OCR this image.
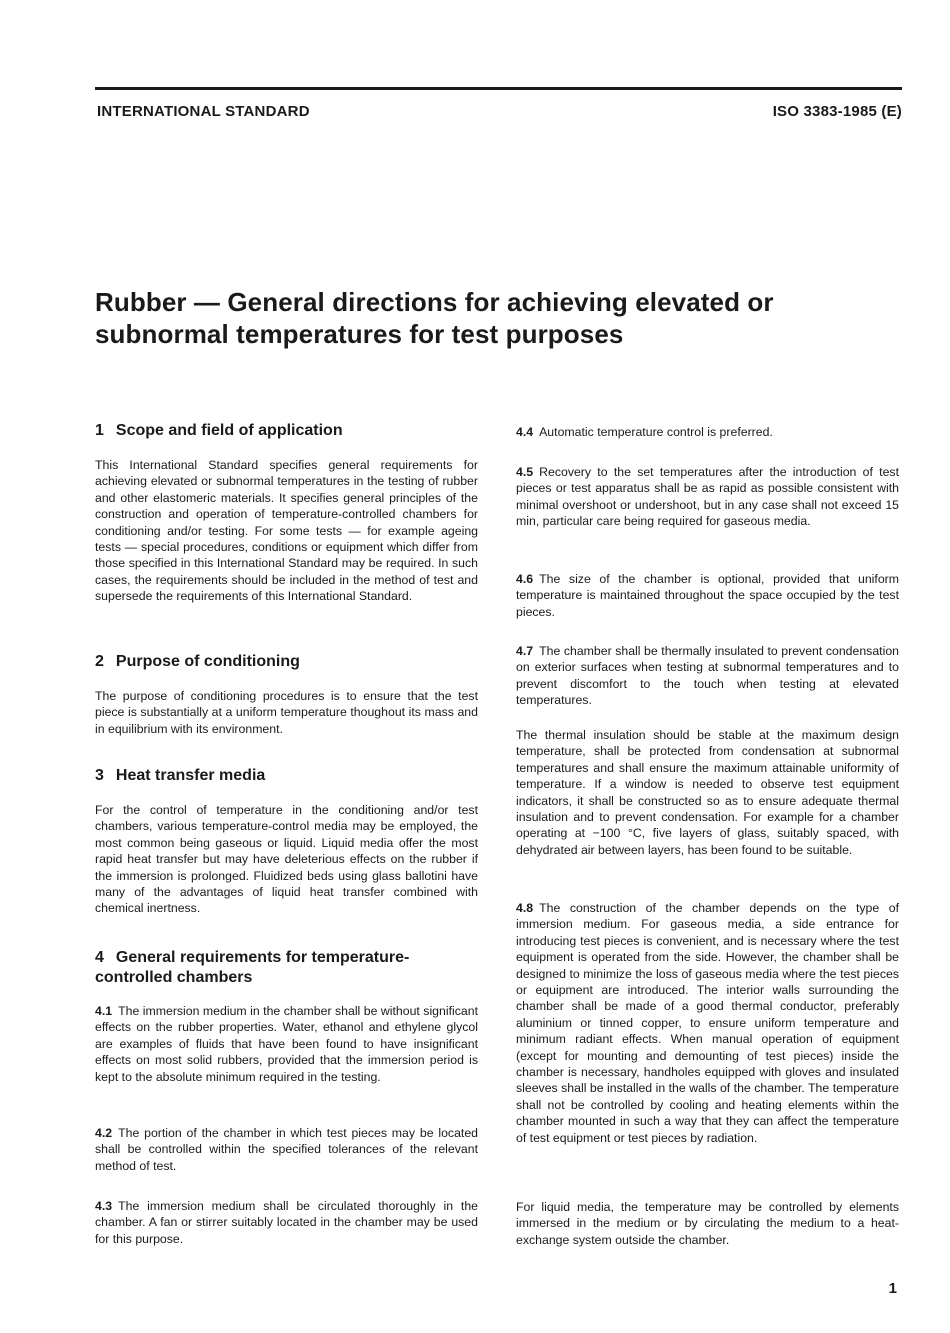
INTERNATIONAL STANDARD	ISO 3383-1985 (E)
Rubber — General directions for achieving elevated or subnormal temperatures for test purposes
1 Scope and field of application

This International Standard specifies general requirements for achieving elevated or subnormal temperatures in the testing of rubber and other elastomeric materials. It specifies general principles of the construction and operation of temperature-controlled chambers for conditioning and/or testing. For some tests — for example ageing tests — special procedures, conditions or equipment which differ from those specified in this International Standard may be required. In such cases, the requirements should be included in the method of test and supersede the requirements of this International Standard.

2 Purpose of conditioning

The purpose of conditioning procedures is to ensure that the test piece is substantially at a uniform temperature thoughout its mass and in equilibrium with its environment.

3 Heat transfer media

For the control of temperature in the conditioning and/or test chambers, various temperature-control media may be employed, the most common being gaseous or liquid. Liquid media offer the most rapid heat transfer but may have deleterious effects on the rubber if the immersion is prolonged. Fluidized beds using glass ballotini have many of the advantages of liquid heat transfer combined with chemical inertness.

4 General requirements for temperature-controlled chambers

4.1 The immersion medium in the chamber shall be without significant effects on the rubber properties. Water, ethanol and ethylene glycol are examples of fluids that have been found to have insignificant effects on most solid rubbers, provided that the immersion period is kept to the absolute minimum required in the testing.

4.2 The portion of the chamber in which test pieces may be located shall be controlled within the specified tolerances of the relevant method of test.

4.3 The immersion medium shall be circulated thoroughly in the chamber. A fan or stirrer suitably located in the chamber may be used for this purpose.

4.4 Automatic temperature control is preferred.

4.5 Recovery to the set temperatures after the introduction of test pieces or test apparatus shall be as rapid as possible consistent with minimal overshoot or undershoot, but in any case shall not exceed 15 min, particular care being required for gaseous media.

4.6 The size of the chamber is optional, provided that uniform temperature is maintained throughout the space occupied by the test pieces.

4.7 The chamber shall be thermally insulated to prevent condensation on exterior surfaces when testing at subnormal temperatures and to prevent discomfort to the touch when testing at elevated temperatures.

The thermal insulation should be stable at the maximum design temperature, shall be protected from condensation at subnormal temperatures and shall ensure the maximum attainable uniformity of temperature. If a window is needed to observe test equipment indicators, it shall be constructed so as to ensure adequate thermal insulation and to prevent condensation. For example for a chamber operating at −100 °C, five layers of glass, suitably spaced, with dehydrated air between layers, has been found to be suitable.

4.8 The construction of the chamber depends on the type of immersion medium. For gaseous media, a side entrance for introducing test pieces is convenient, and is necessary where the test equipment is operated from the side. However, the chamber shall be designed to minimize the loss of gaseous media where the test pieces or equipment are introduced. The interior walls surrounding the chamber shall be made of a good thermal conductor, preferably aluminium or tinned copper, to ensure uniform temperature and minimum radiant effects. When manual operation of equipment (except for mounting and demounting of test pieces) inside the chamber is necessary, handholes equipped with gloves and insulated sleeves shall be installed in the walls of the chamber. The temperature shall not be controlled by cooling and heating elements within the chamber mounted in such a way that they can affect the temperature of test equipment or test pieces by radiation.

For liquid media, the temperature may be controlled by elements immersed in the medium or by circulating the medium to a heat-exchange system outside the chamber.

1
